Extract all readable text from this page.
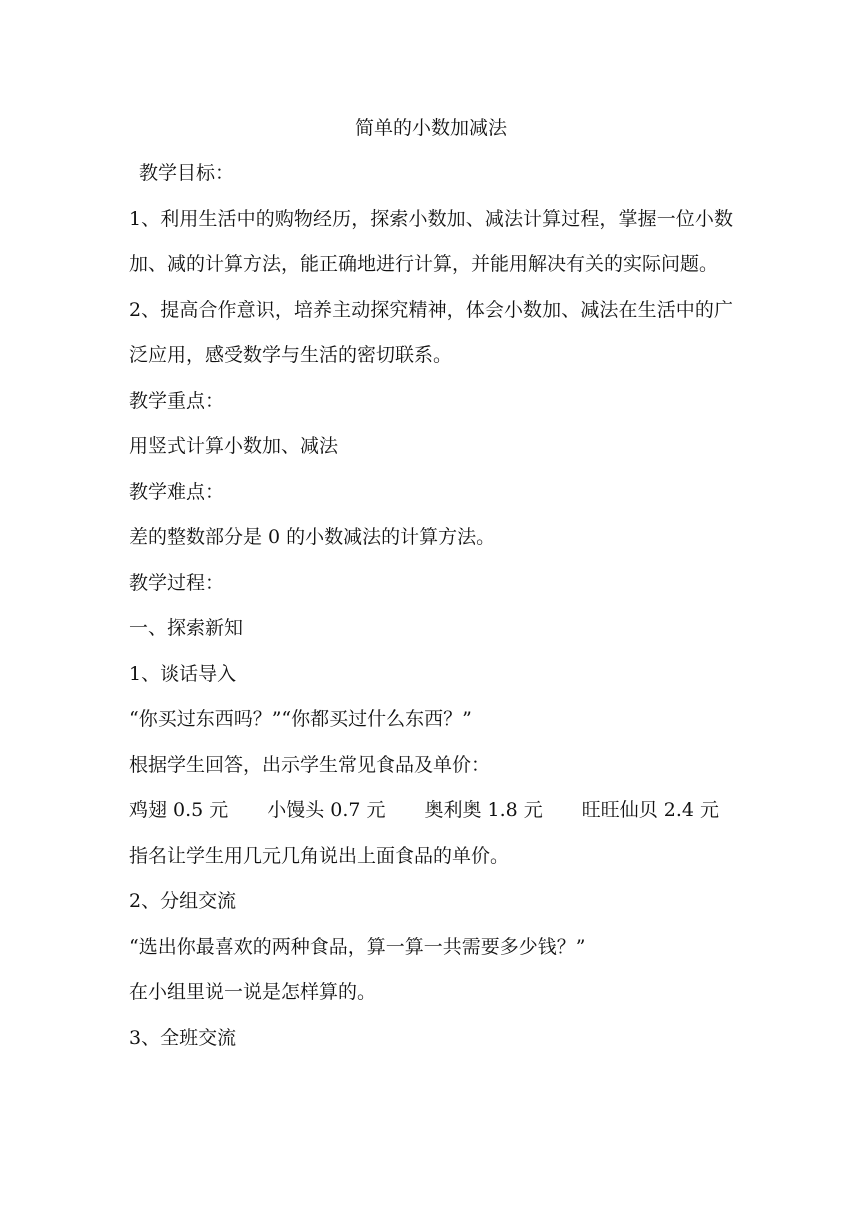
简单的小数加减法

教学目标：

1、利用生活中的购物经历，探索小数加、减法计算过程，掌握一位小数加、减的计算方法，能正确地进行计算，并能用解决有关的实际问题。

2、提高合作意识，培养主动探究精神，体会小数加、减法在生活中的广泛应用，感受数学与生活的密切联系。

教学重点：

用竖式计算小数加、减法

教学难点：

差的整数部分是 0 的小数减法的计算方法。

教学过程：

一、探索新知

1、谈话导入

“你买过东西吗？”“你都买过什么东西？”

根据学生回答，出示学生常见食品及单价：

鸡翅 0.5 元 小馒头 0.7 元 奥利奥 1.8 元 旺旺仙贝 2.4 元

指名让学生用几元几角说出上面食品的单价。

2、分组交流

“选出你最喜欢的两种食品，算一算一共需要多少钱？”

在小组里说一说是怎样算的。

3、全班交流
